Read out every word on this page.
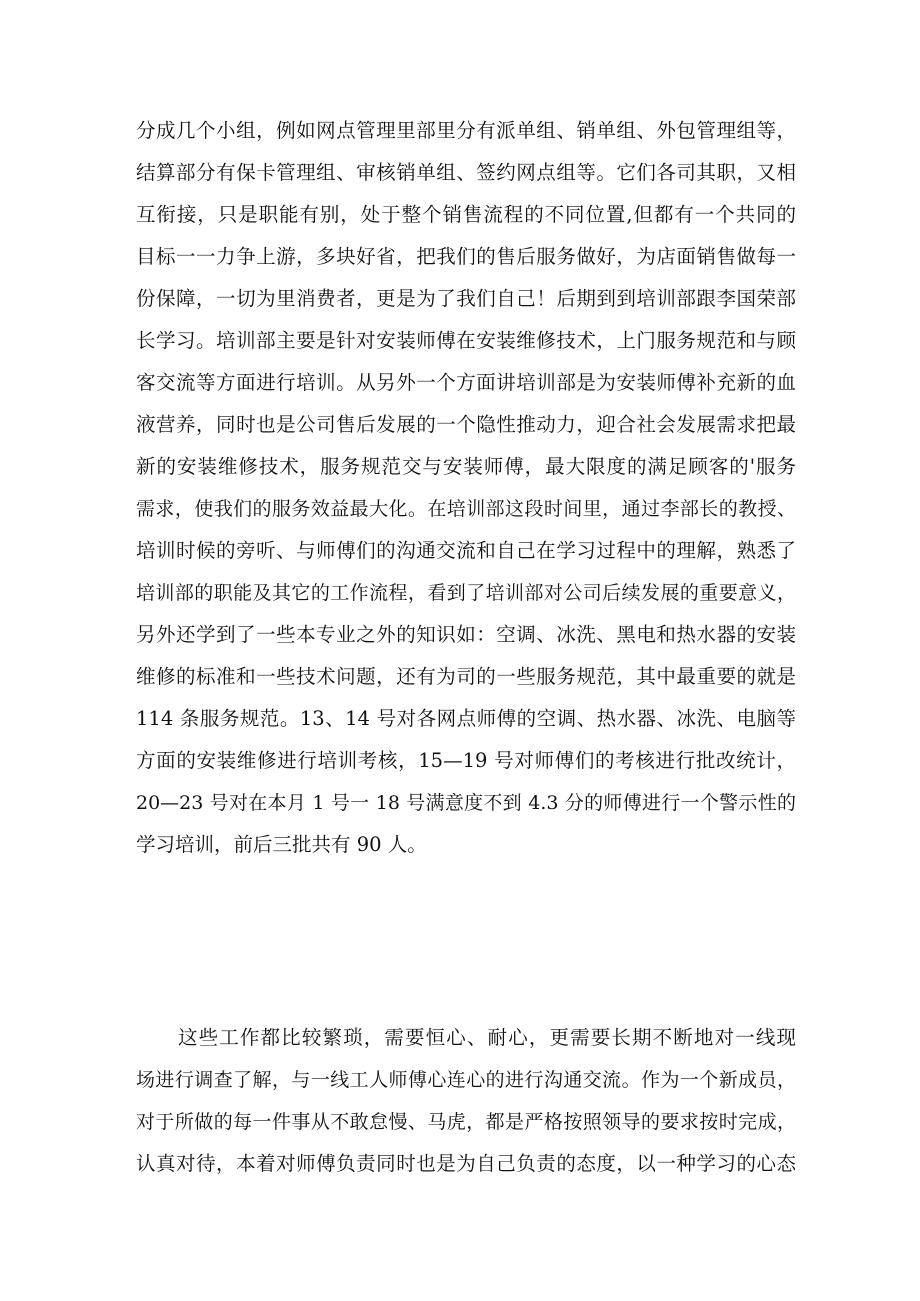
分成几个小组，例如网点管理里部里分有派单组、销单组、外包管理组等，
结算部分有保卡管理组、审核销单组、签约网点组等。它们各司其职，又相
互衔接，只是职能有别，处于整个销售流程的不同位置,但都有一个共同的
目标一一力争上游，多块好省，把我们的售后服务做好，为店面销售做每一
份保障，一切为里消费者，更是为了我们自己！后期到到培训部跟李国荣部
长学习。培训部主要是针对安装师傅在安装维修技术，上门服务规范和与顾
客交流等方面进行培训。从另外一个方面讲培训部是为安装师傅补充新的血
液营养，同时也是公司售后发展的一个隐性推动力，迎合社会发展需求把最
新的安装维修技术，服务规范交与安装师傅，最大限度的满足顾客的'服务
需求，使我们的服务效益最大化。在培训部这段时间里，通过李部长的教授、
培训时候的旁听、与师傅们的沟通交流和自己在学习过程中的理解，熟悉了
培训部的职能及其它的工作流程，看到了培训部对公司后续发展的重要意义，
另外还学到了一些本专业之外的知识如：空调、冰洗、黑电和热水器的安装
维修的标准和一些技术问题，还有为司的一些服务规范，其中最重要的就是
114 条服务规范。13、14 号对各网点师傅的空调、热水器、冰洗、电脑等
方面的安装维修进行培训考核，15—19 号对师傅们的考核进行批改统计，
20—23 号对在本月 1 号一 18 号满意度不到 4.3 分的师傅进行一个警示性的
学习培训，前后三批共有 90 人。
这些工作都比较繁琐，需要恒心、耐心，更需要长期不断地对一线现
场进行调查了解，与一线工人师傅心连心的进行沟通交流。作为一个新成员，
对于所做的每一件事从不敢怠慢、马虎，都是严格按照领导的要求按时完成，
认真对待，本着对师傅负责同时也是为自己负责的态度，以一种学习的心态
